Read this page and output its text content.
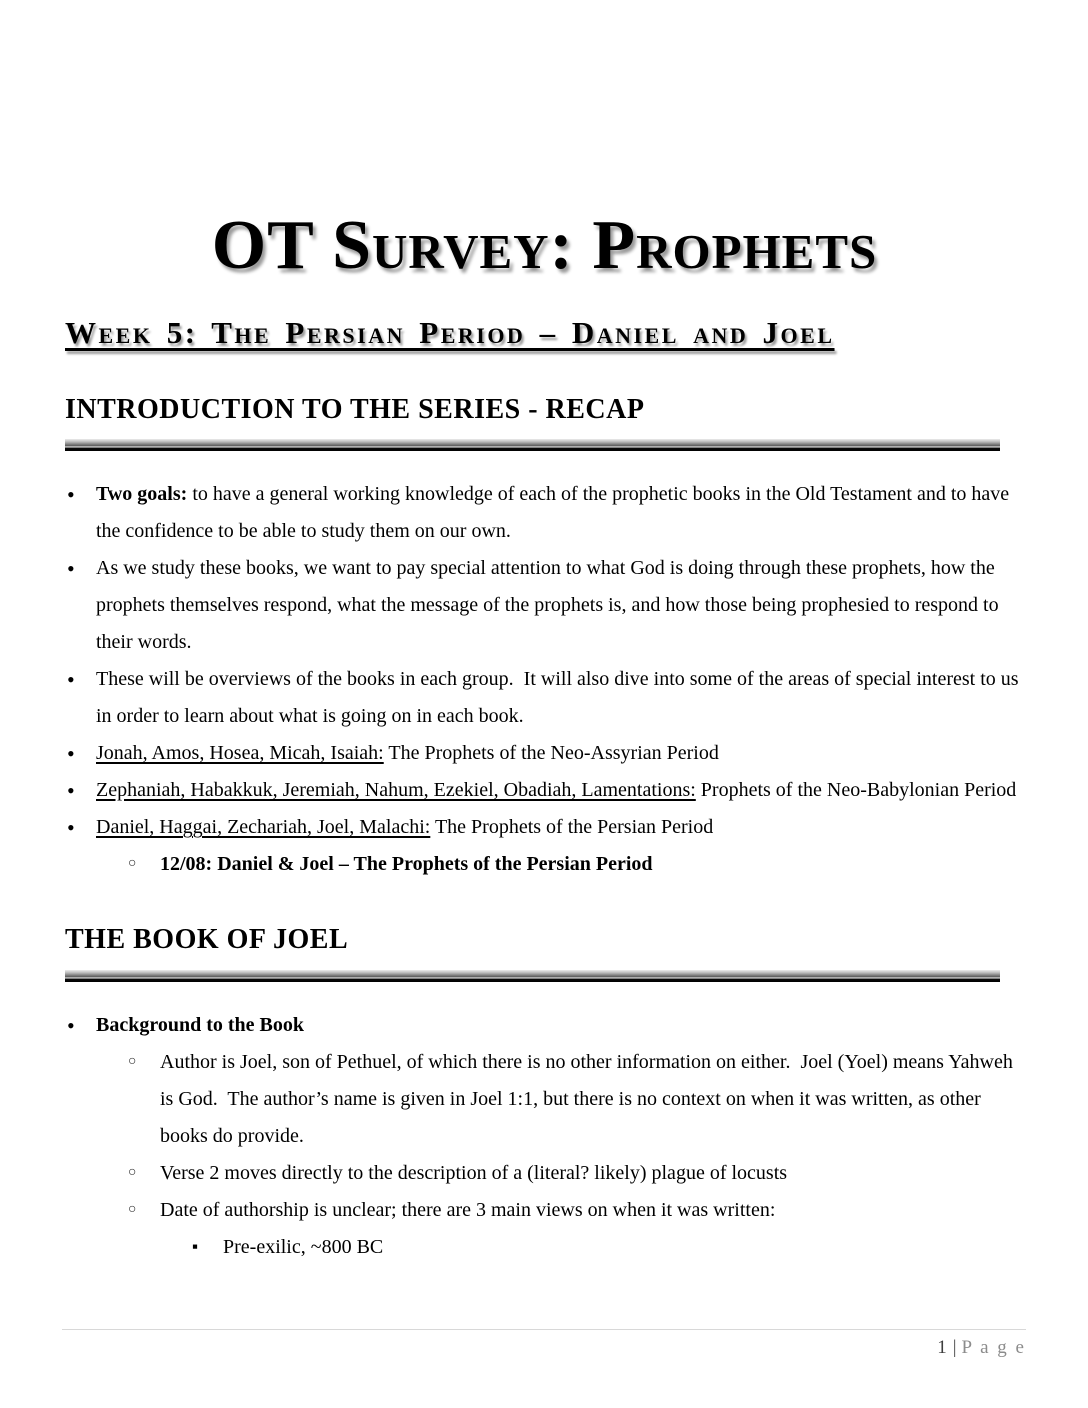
OT Survey: Prophets
Week 5: The Persian Period – Daniel and Joel
INTRODUCTION TO THE SERIES - RECAP
• Two goals: to have a general working knowledge of each of the prophetic books in the Old Testament and to have the confidence to be able to study them on our own.
• As we study these books, we want to pay special attention to what God is doing through these prophets, how the prophets themselves respond, what the message of the prophets is, and how those being prophesied to respond to their words.
• These will be overviews of the books in each group.  It will also dive into some of the areas of special interest to us in order to learn about what is going on in each book.
• Jonah, Amos, Hosea, Micah, Isaiah: The Prophets of the Neo-Assyrian Period
• Zephaniah, Habakkuk, Jeremiah, Nahum, Ezekiel, Obadiah, Lamentations: Prophets of the Neo-Babylonian Period
• Daniel, Haggai, Zechariah, Joel, Malachi: The Prophets of the Persian Period
○ 12/08: Daniel & Joel – The Prophets of the Persian Period
THE BOOK OF JOEL
• Background to the Book
○ Author is Joel, son of Pethuel, of which there is no other information on either.  Joel (Yoel) means Yahweh is God.  The author’s name is given in Joel 1:1, but there is no context on when it was written, as other books do provide.
○ Verse 2 moves directly to the description of a (literal? likely) plague of locusts
○ Date of authorship is unclear; there are 3 main views on when it was written:
▪ Pre-exilic, ~800 BC
1 | P a g e
